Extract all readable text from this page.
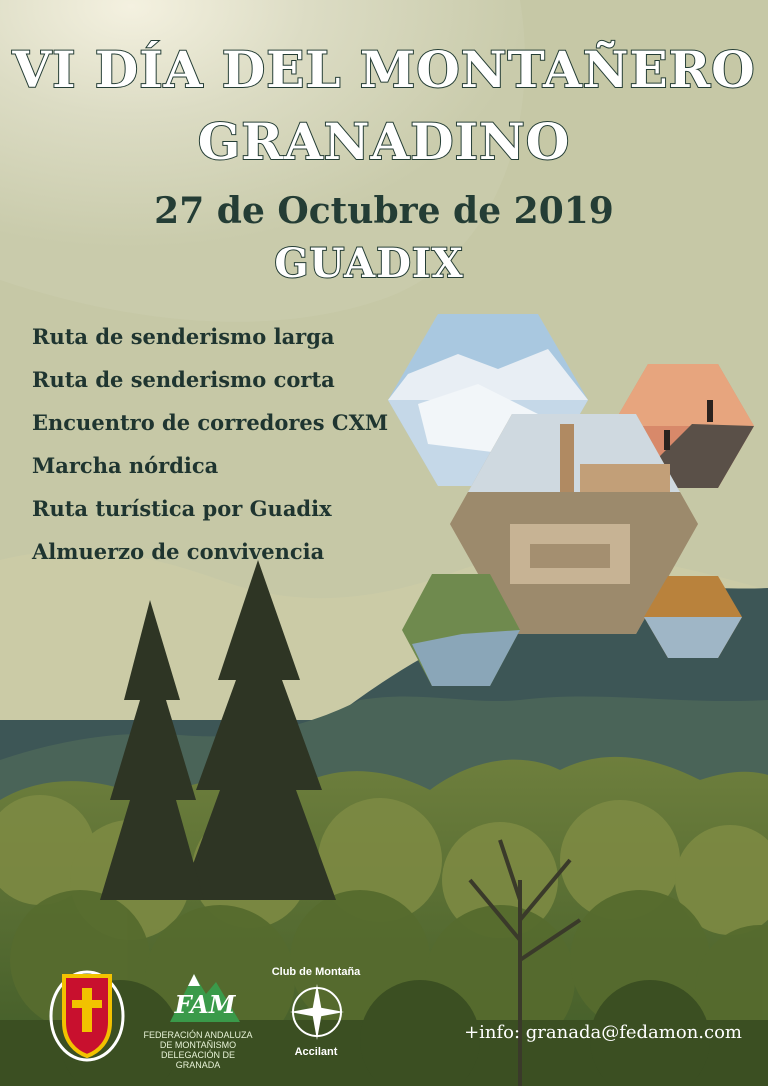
VI DÍA DEL MONTAÑERO
GRANADINO
27 de Octubre de 2019
GUADIX
Ruta de senderismo larga
Ruta de senderismo corta
Encuentro de corredores CXM
Marcha nórdica
Ruta turística por Guadix
Almuerzo de convivencia
FAM
FEDERACIÓN ANDALUZA DE MONTAÑISMO DELEGACIÓN DE GRANADA
Club de Montaña
Accilant
+info: granada@fedamon.com
